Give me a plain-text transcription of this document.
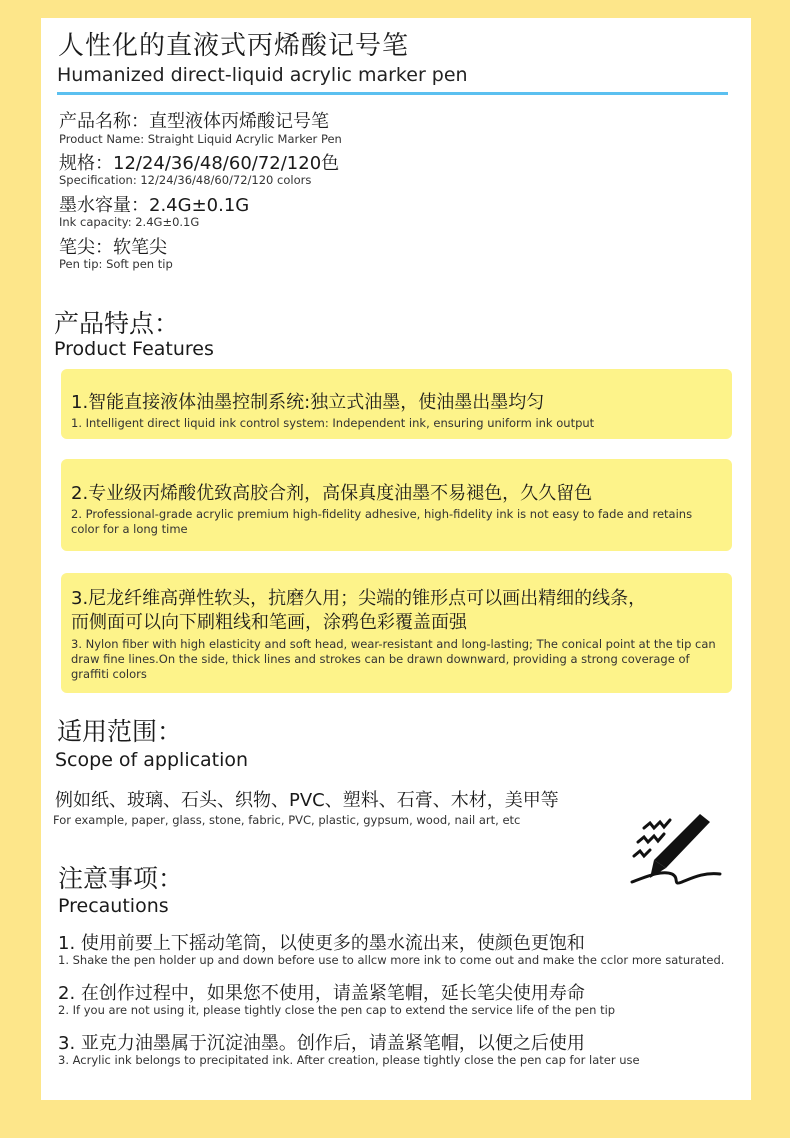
人性化的直液式丙烯酸记号笔
Humanized direct-liquid acrylic marker pen
产品名称：直型液体丙烯酸记号笔
Product Name: Straight Liquid Acrylic Marker Pen
规格：12/24/36/48/60/72/120色
Specification: 12/24/36/48/60/72/120 colors
墨水容量：2.4G±0.1G
Ink capacity: 2.4G±0.1G
笔尖：软笔尖
Pen tip: Soft pen tip
产品特点：
Product Features
1.智能直接液体油墨控制系统:独立式油墨，使油墨出墨均匀
1. Intelligent direct liquid ink control system: Independent ink, ensuring uniform ink output
2.专业级丙烯酸优致高胶合剂，高保真度油墨不易褪色，久久留色
2. Professional-grade acrylic premium high-fidelity adhesive, high-fidelity ink is not easy to fade and retains color for a long time
3.尼龙纤维高弹性软头，抗磨久用；尖端的锥形点可以画出精细的线条，
而侧面可以向下刷粗线和笔画，涂鸦色彩覆盖面强
3. Nylon fiber with high elasticity and soft head, wear-resistant and long-lasting; The conical point at the tip can draw fine lines.On the side, thick lines and strokes can be drawn downward, providing a strong coverage of graffiti colors
适用范围：
Scope of application
例如纸、玻璃、石头、织物、PVC、塑料、石膏、木材，美甲等
For example, paper, glass, stone, fabric, PVC, plastic, gypsum, wood, nail art, etc
注意事项：
Precautions
1. 使用前要上下摇动笔筒，以使更多的墨水流出来，使颜色更饱和
1. Shake the pen holder up and down before use to allcw more ink to come out and make the cclor more saturated.
2. 在创作过程中，如果您不使用，请盖紧笔帽，延长笔尖使用寿命
2. If you are not using it, please tightly close the pen cap to extend the service life of the pen tip
3. 亚克力油墨属于沉淀油墨。创作后，请盖紧笔帽，以便之后使用
3. Acrylic ink belongs to precipitated ink. After creation, please tightly close the pen cap for later use
